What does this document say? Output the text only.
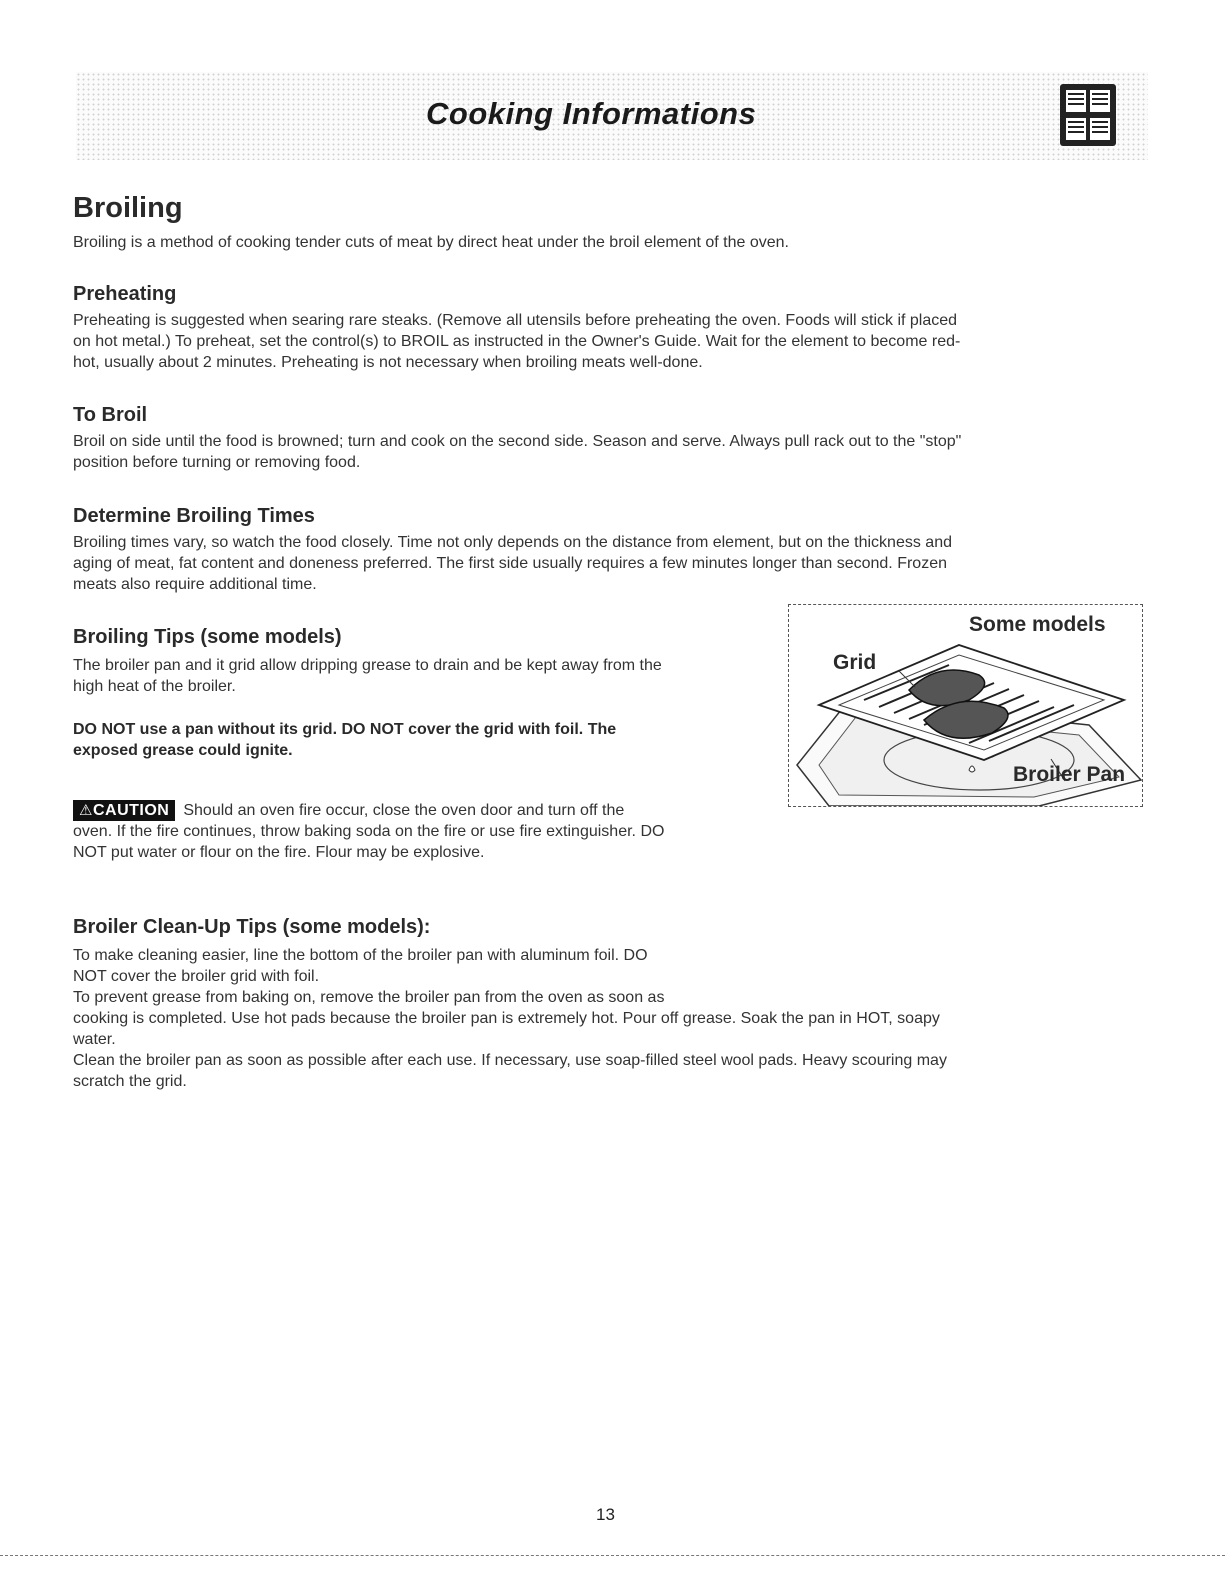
Cooking Informations
Broiling

Broiling is a method of cooking tender cuts of meat by direct heat under the broil element of the oven.

Preheating

Preheating is suggested when searing rare steaks. (Remove all utensils before preheating the oven. Foods will stick if placed

on hot metal.) To preheat, set the control(s) to BROIL as instructed in the Owner's Guide. Wait for the element to become red-

hot, usually about 2 minutes. Preheating is not necessary when broiling meats well-done.

To Broil

Broil on side until the food is browned; turn and cook on the second side. Season and serve. Always pull rack out to the "stop"

position before turning or removing food.

Determine Broiling Times

Broiling times vary, so watch the food closely. Time not only depends on the distance from element, but on the thickness and

aging of meat, fat content and doneness preferred. The first side usually requires a few minutes longer than second. Frozen

meats also require additional time.

Broiling Tips (some models)

The broiler pan and it grid allow dripping grease to drain and be kept away from the

high heat of the broiler.

DO NOT use a pan without its grid. DO NOT cover the grid with foil. The

exposed grease could ignite.

⚠CAUTION Should an oven fire occur, close the oven door and turn off the

oven. If the fire continues, throw baking soda on the fire or use fire extinguisher. DO

NOT put water or flour on the fire. Flour may be explosive.

Broiler Clean-Up Tips (some models):

To make cleaning easier, line the bottom of the broiler pan with aluminum foil. DO

NOT cover the broiler grid with foil.

To prevent grease from baking on, remove the broiler pan from the oven as soon as

cooking is completed. Use hot pads because the broiler pan is extremely hot. Pour off grease. Soak the pan in HOT, soapy

water.

Clean the broiler pan as soon as possible after each use. If necessary, use soap-filled steel wool pads. Heavy scouring may

scratch the grid.

Some models

Grid

Broiler Pan

13
